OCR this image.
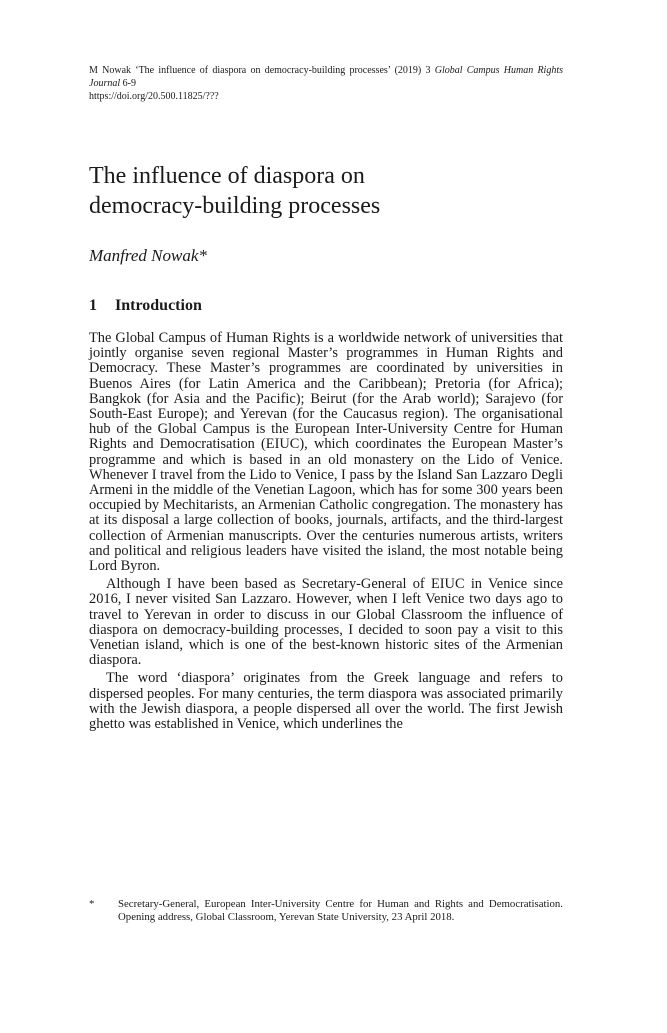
M Nowak ‘The influence of diaspora on democracy-building processes’ (2019) 3 Global Campus Human Rights Journal 6-9
https://doi.org/20.500.11825/???
The influence of diaspora on
democracy-building processes
Manfred Nowak*
1 Introduction

The Global Campus of Human Rights is a worldwide network of universities that jointly organise seven regional Master’s programmes in Human Rights and Democracy. These Master’s programmes are coordinated by universities in Buenos Aires (for Latin America and the Caribbean); Pretoria (for Africa); Bangkok (for Asia and the Pacific); Beirut (for the Arab world); Sarajevo (for South-East Europe); and Yerevan (for the Caucasus region). The organisational hub of the Global Campus is the European Inter-University Centre for Human Rights and Democratisation (EIUC), which coordinates the European Master’s programme and which is based in an old monastery on the Lido of Venice. Whenever I travel from the Lido to Venice, I pass by the Island San Lazzaro Degli Armeni in the middle of the Venetian Lagoon, which has for some 300 years been occupied by Mechitarists, an Armenian Catholic congregation. The monastery has at its disposal a large collection of books, journals, artifacts, and the third-largest collection of Armenian manuscripts. Over the centuries numerous artists, writers and political and religious leaders have visited the island, the most notable being Lord Byron.

Although I have been based as Secretary-General of EIUC in Venice since 2016, I never visited San Lazzaro. However, when I left Venice two days ago to travel to Yerevan in order to discuss in our Global Classroom the influence of diaspora on democracy-building processes, I decided to soon pay a visit to this Venetian island, which is one of the best-known historic sites of the Armenian diaspora.

The word ‘diaspora’ originates from the Greek language and refers to dispersed peoples. For many centuries, the term diaspora was associated primarily with the Jewish diaspora, a people dispersed all over the world. The first Jewish ghetto was established in Venice, which underlines the

* Secretary-General, European Inter-University Centre for Human and Rights and Democratisation. Opening address, Global Classroom, Yerevan State University, 23 April 2018.
